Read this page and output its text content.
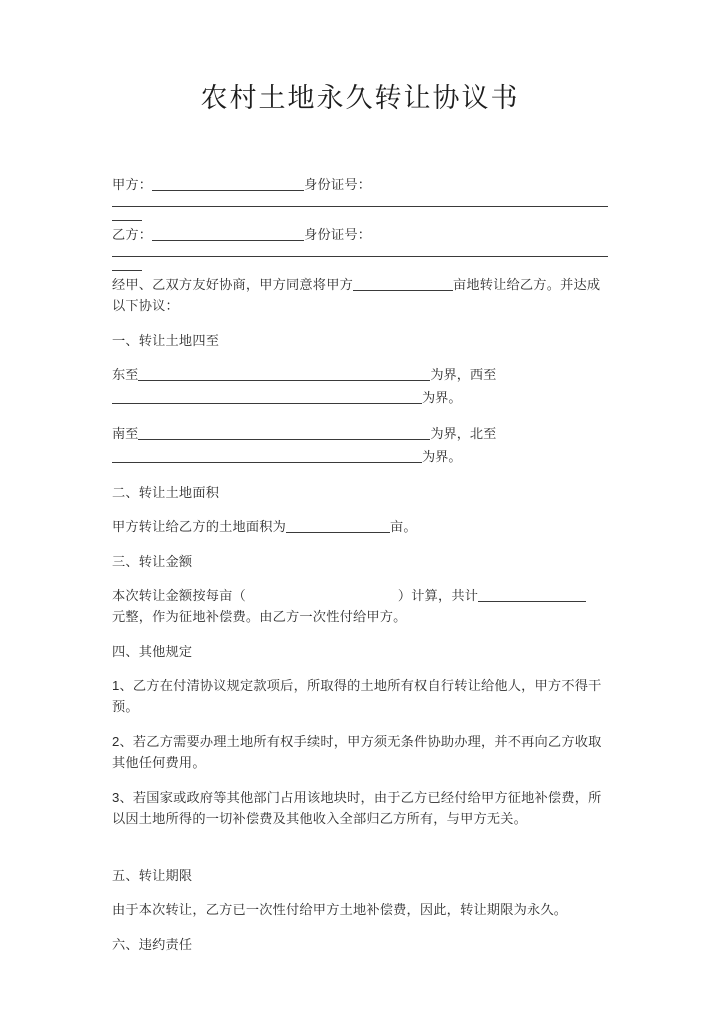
农村土地永久转让协议书

甲方：	身份证号：

乙方：	身份证号：

经甲、乙双方友好协商，甲方同意将甲方	亩地转让给乙方。并达成以下协议：

一、转让土地四至

东至	为界，西至
为界。
南至	为界，北至
为界。

二、转让土地面积

甲方转让给乙方的土地面积为	亩。

三、转让金额

本次转让金额按每亩（	）计算，共计
元整，作为征地补偿费。由乙方一次性付给甲方。

四、其他规定

1、乙方在付清协议规定款项后，所取得的土地所有权自行转让给他人，甲方不得干预。

2、若乙方需要办理土地所有权手续时，甲方须无条件协助办理，并不再向乙方收取其他任何费用。

3、若国家或政府等其他部门占用该地块时，由于乙方已经付给甲方征地补偿费，所以因土地所得的一切补偿费及其他收入全部归乙方所有，与甲方无关。

五、转让期限

由于本次转让，乙方已一次性付给甲方土地补偿费，因此，转让期限为永久。

六、违约责任
